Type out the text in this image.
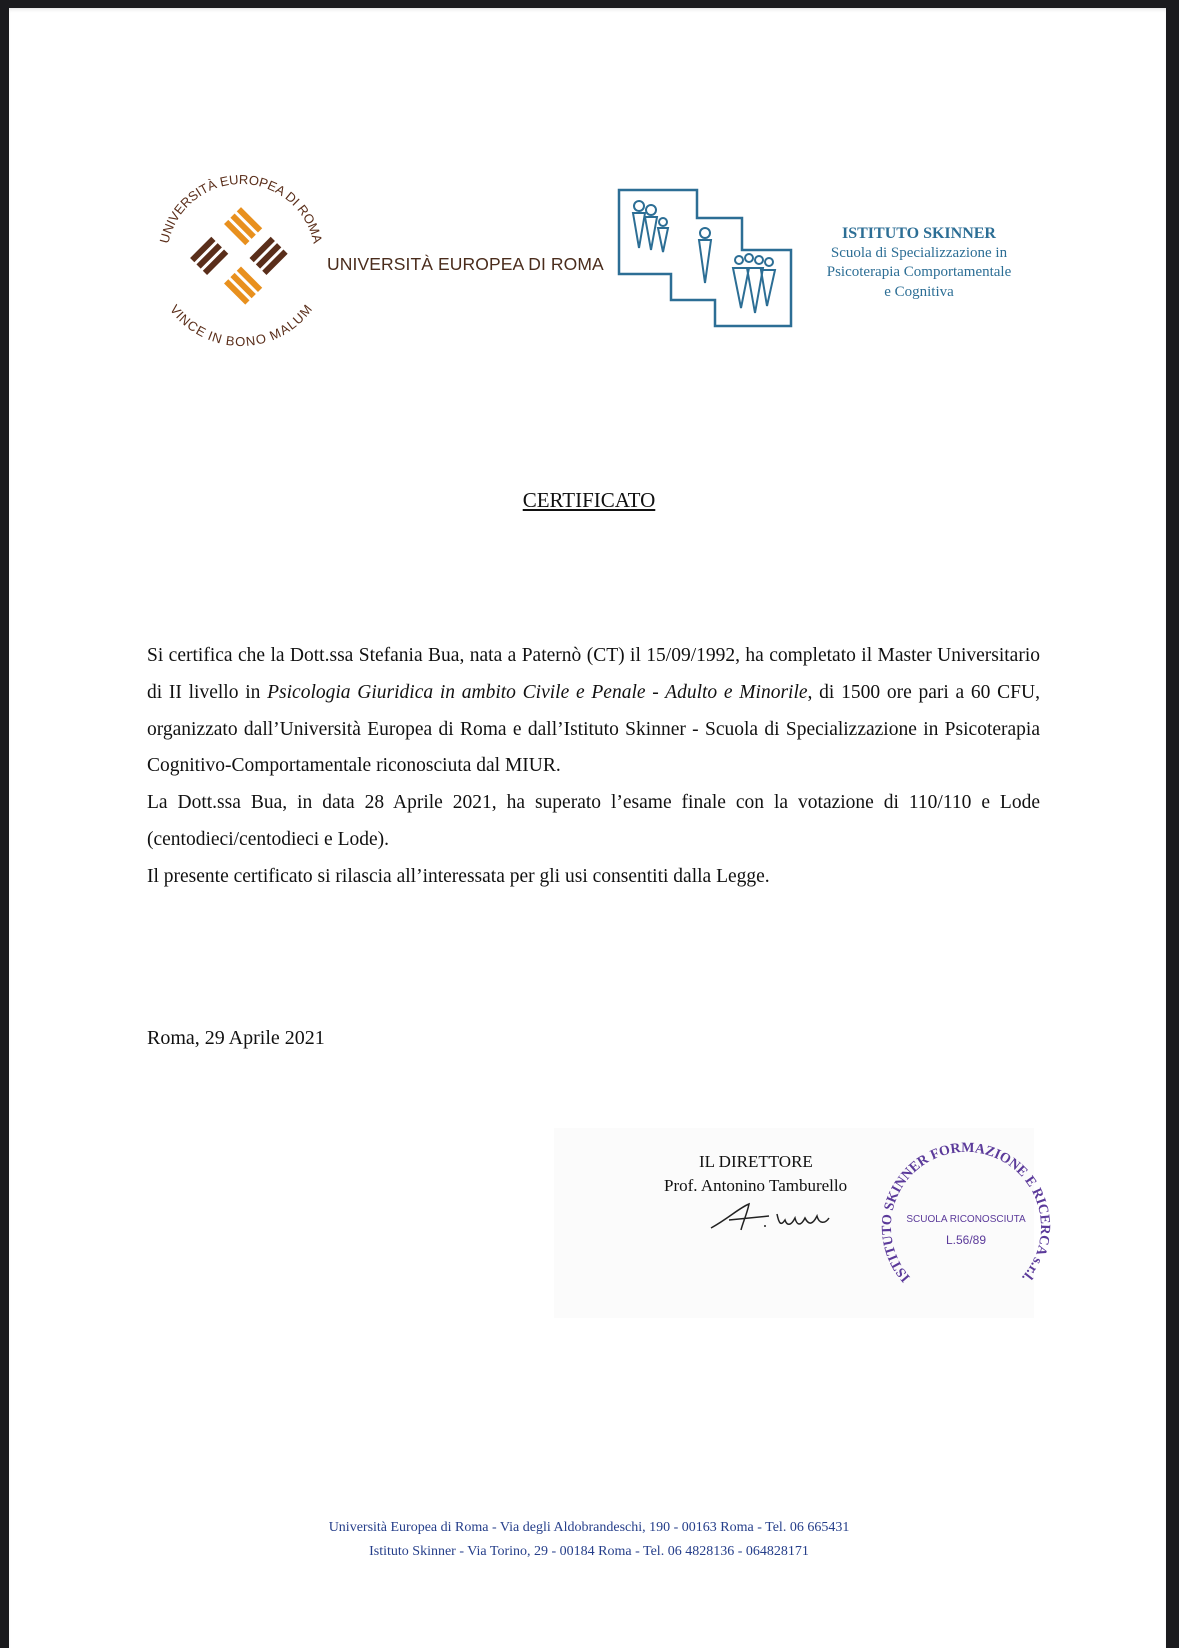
UNIVERSITÀ EUROPEA DI ROMA
VINCE IN BONO MALUM
UNIVERSITÀ EUROPEA DI ROMA
ISTITUTO SKINNER
Scuola di Specializzazione in
Psicoterapia Comportamentale
e Cognitiva
CERTIFICATO

Si certifica che la Dott.ssa Stefania Bua, nata a Paternò (CT) il 15/09/1992, ha completato il Master Universitario di II livello in Psicologia Giuridica in ambito Civile e Penale - Adulto e Minorile, di 1500 ore pari a 60 CFU, organizzato dall’Università Europea di Roma e dall’Istituto Skinner - Scuola di Specializzazione in Psicoterapia Cognitivo-Comportamentale riconosciuta dal MIUR.

La Dott.ssa Bua, in data 28 Aprile 2021, ha superato l’esame finale con la votazione di 110/110 e Lode (centodieci/centodieci e Lode).

Il presente certificato si rilascia all’interessata per gli usi consentiti dalla Legge.

Roma, 29 Aprile 2021
IL DIRETTORE
Prof. Antonino Tamburello
ISTITUTO SKINNER FORMAZIONE E RICERCA s.r.l.
SCUOLA RICONOSCIUTA
L.56/89
Università Europea di Roma - Via degli Aldobrandeschi, 190 - 00163 Roma - Tel. 06 665431
Istituto Skinner - Via Torino, 29 - 00184 Roma - Tel. 06 4828136 - 064828171
